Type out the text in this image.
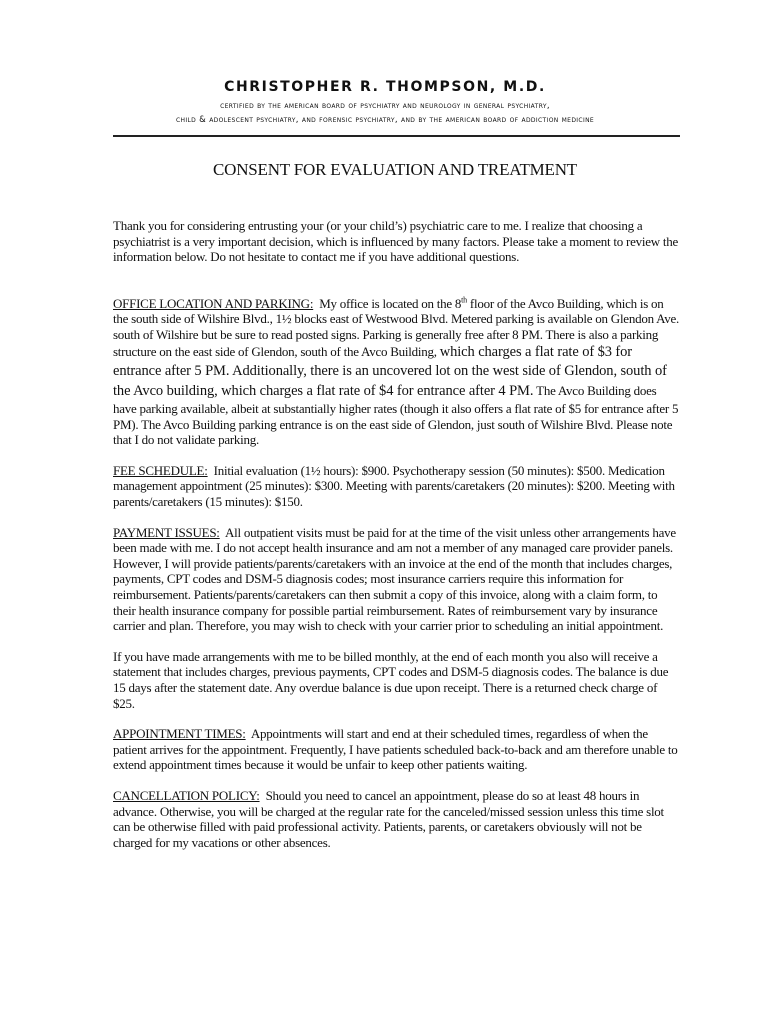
CHRISTOPHER R. THOMPSON, M.D.

certified by the american board of psychiatry and neurology in general psychiatry,

child & adolescent psychiatry, and forensic psychiatry, and by the american board of addiction medicine

CONSENT FOR EVALUATION AND TREATMENT

Thank you for considering entrusting your (or your child’s) psychiatric care to me. I realize that choosing a psychiatrist is a very important decision, which is influenced by many factors. Please take a moment to review the information below. Do not hesitate to contact me if you have additional questions.

OFFICE LOCATION AND PARKING: My office is located on the 8th floor of the Avco Building, which is on the south side of Wilshire Blvd., 1½ blocks east of Westwood Blvd. Metered parking is available on Glendon Ave. south of Wilshire but be sure to read posted signs. Parking is generally free after 8 PM. There is also a parking structure on the east side of Glendon, south of the Avco Building, which charges a flat rate of $3 for entrance after 5 PM. Additionally, there is an uncovered lot on the west side of Glendon, south of the Avco building, which charges a flat rate of $4 for entrance after 4 PM. The Avco Building does have parking available, albeit at substantially higher rates (though it also offers a flat rate of $5 for entrance after 5 PM). The Avco Building parking entrance is on the east side of Glendon, just south of Wilshire Blvd. Please note that I do not validate parking.

FEE SCHEDULE: Initial evaluation (1½ hours): $900. Psychotherapy session (50 minutes): $500. Medication management appointment (25 minutes): $300. Meeting with parents/caretakers (20 minutes): $200. Meeting with parents/caretakers (15 minutes): $150.

PAYMENT ISSUES: All outpatient visits must be paid for at the time of the visit unless other arrangements have been made with me. I do not accept health insurance and am not a member of any managed care provider panels. However, I will provide patients/parents/caretakers with an invoice at the end of the month that includes charges, payments, CPT codes and DSM-5 diagnosis codes; most insurance carriers require this information for reimbursement. Patients/parents/caretakers can then submit a copy of this invoice, along with a claim form, to their health insurance company for possible partial reimbursement. Rates of reimbursement vary by insurance carrier and plan. Therefore, you may wish to check with your carrier prior to scheduling an initial appointment.

If you have made arrangements with me to be billed monthly, at the end of each month you also will receive a statement that includes charges, previous payments, CPT codes and DSM-5 diagnosis codes. The balance is due 15 days after the statement date. Any overdue balance is due upon receipt. There is a returned check charge of $25.

APPOINTMENT TIMES: Appointments will start and end at their scheduled times, regardless of when the patient arrives for the appointment. Frequently, I have patients scheduled back-to-back and am therefore unable to extend appointment times because it would be unfair to keep other patients waiting.

CANCELLATION POLICY: Should you need to cancel an appointment, please do so at least 48 hours in advance. Otherwise, you will be charged at the regular rate for the canceled/missed session unless this time slot can be otherwise filled with paid professional activity. Patients, parents, or caretakers obviously will not be charged for my vacations or other absences.
